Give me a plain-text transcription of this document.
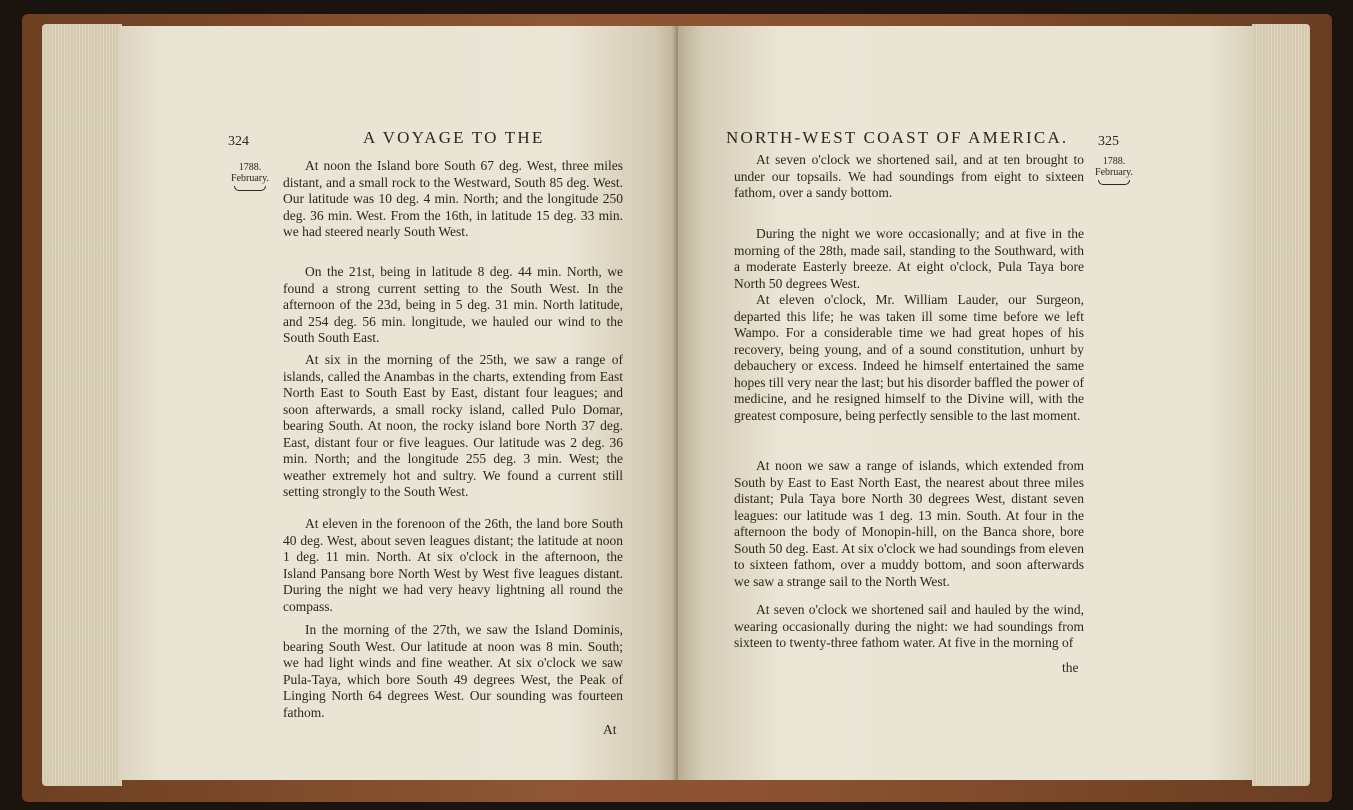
324	A VOYAGE TO THE
1788.
February.

At noon the Island bore South 67 deg. West, three miles distant, and a small rock to the Westward, South 85 deg. West. Our latitude was 10 deg. 4 min. North; and the longitude 250 deg. 36 min. West. From the 16th, in latitude 15 deg. 33 min. we had steered nearly South West.

On the 21st, being in latitude 8 deg. 44 min. North, we found a strong current setting to the South West. In the afternoon of the 23d, being in 5 deg. 31 min. North latitude, and 254 deg. 56 min. longitude, we hauled our wind to the South South East.

At six in the morning of the 25th, we saw a range of islands, called the Anambas in the charts, extending from East North East to South East by East, distant four leagues; and soon afterwards, a small rocky island, called Pulo Domar, bearing South. At noon, the rocky island bore North 37 deg. East, distant four or five leagues. Our latitude was 2 deg. 36 min. North; and the longitude 255 deg. 3 min. West; the weather extremely hot and sultry. We found a current still setting strongly to the South West.

At eleven in the forenoon of the 26th, the land bore South 40 deg. West, about seven leagues distant; the latitude at noon 1 deg. 11 min. North. At six o'clock in the afternoon, the Island Pansang bore North West by West five leagues distant. During the night we had very heavy lightning all round the compass.

In the morning of the 27th, we saw the Island Dominis, bearing South West. Our latitude at noon was 8 min. South; we had light winds and fine weather. At six o'clock we saw Pula-Taya, which bore South 49 degrees West, the Peak of Linging North 64 degrees West. Our sounding was fourteen fathom.

At
NORTH-WEST COAST OF AMERICA. 325
1788.
February.

At seven o'clock we shortened sail, and at ten brought to under our topsails. We had soundings from eight to sixteen fathom, over a sandy bottom.

During the night we wore occasionally; and at five in the morning of the 28th, made sail, standing to the Southward, with a moderate Easterly breeze. At eight o'clock, Pula Taya bore North 50 degrees West.

At eleven o'clock, Mr. William Lauder, our Surgeon, departed this life; he was taken ill some time before we left Wampo. For a considerable time we had great hopes of his recovery, being young, and of a sound constitution, unhurt by debauchery or excess. Indeed he himself entertained the same hopes till very near the last; but his disorder baffled the power of medicine, and he resigned himself to the Divine will, with the greatest composure, being perfectly sensible to the last moment.

At noon we saw a range of islands, which extended from South by East to East North East, the nearest about three miles distant; Pula Taya bore North 30 degrees West, distant seven leagues: our latitude was 1 deg. 13 min. South. At four in the afternoon the body of Monopin-hill, on the Banca shore, bore South 50 deg. East. At six o'clock we had soundings from eleven to sixteen fathom, over a muddy bottom, and soon afterwards we saw a strange sail to the North West.

At seven o'clock we shortened sail and hauled by the wind, wearing occasionally during the night: we had soundings from sixteen to twenty-three fathom water. At five in the morning of

the
